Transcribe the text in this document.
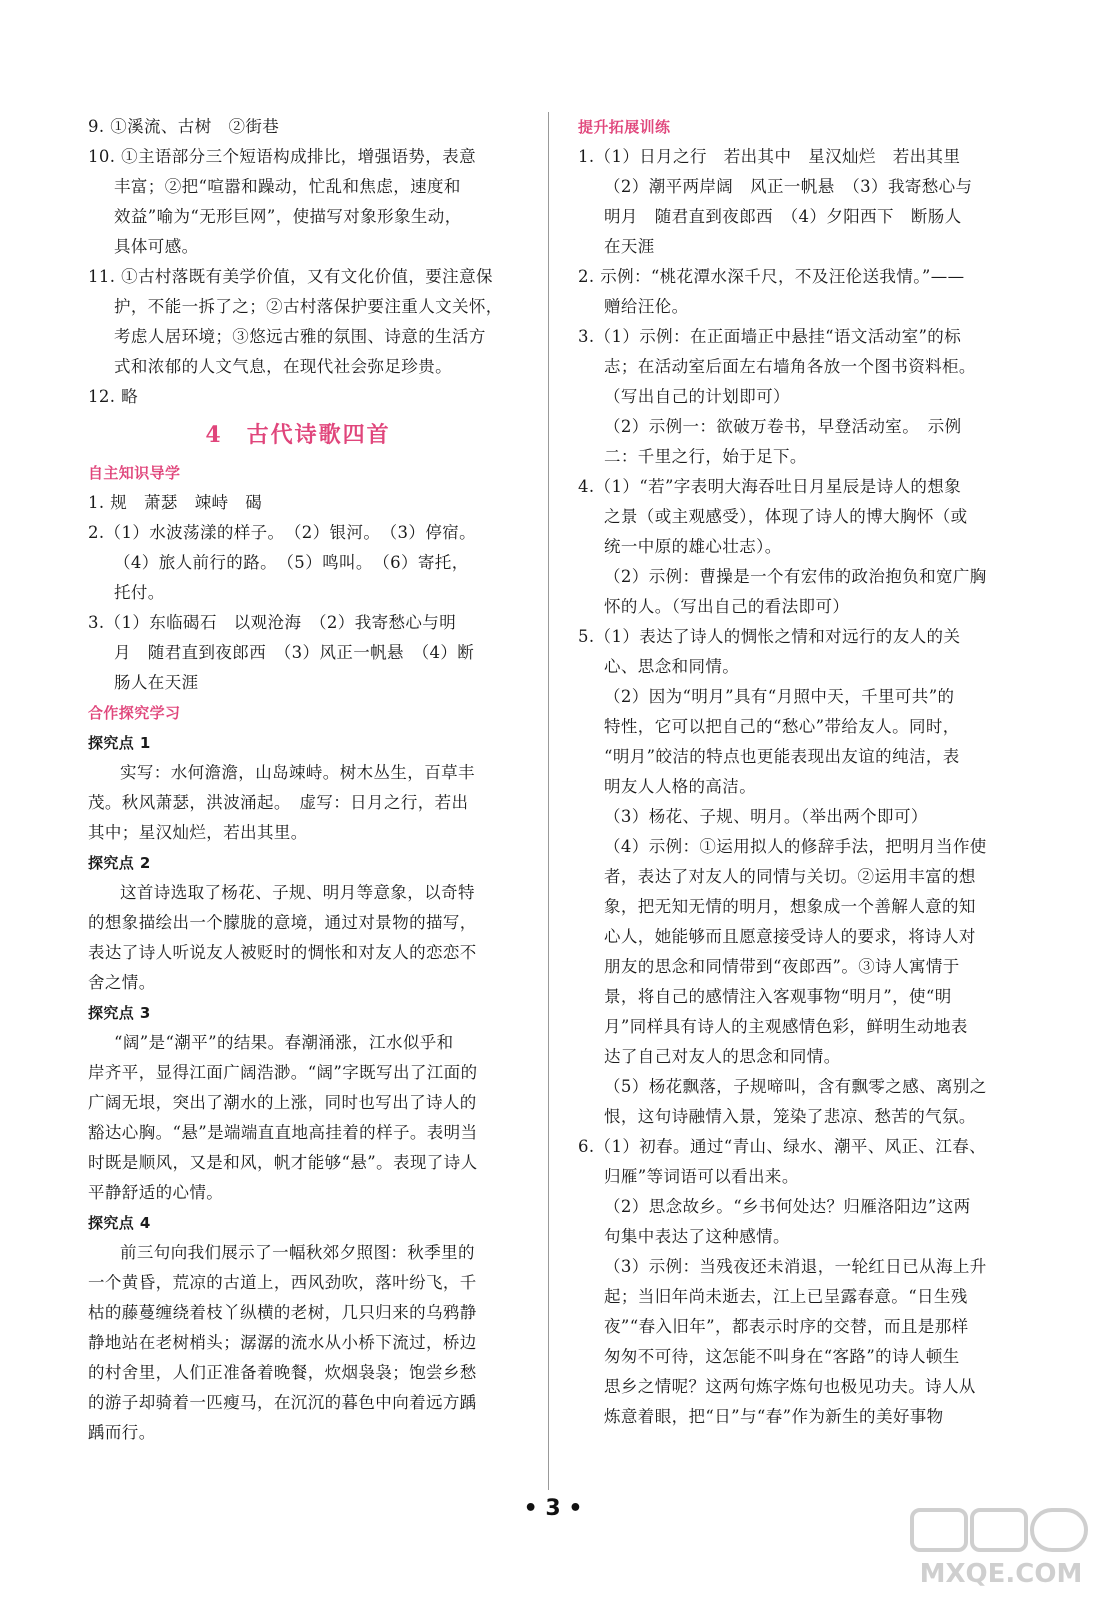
9. ①溪流、古树　②街巷
10. ①主语部分三个短语构成排比，增强语势，表意
丰富；②把“喧嚣和躁动，忙乱和焦虑，速度和
效益”喻为“无形巨网”，使描写对象形象生动，
具体可感。
11. ①古村落既有美学价值，又有文化价值，要注意保
护，不能一拆了之；②古村落保护要注重人文关怀，
考虑人居环境；③悠远古雅的氛围、诗意的生活方
式和浓郁的人文气息，在现代社会弥足珍贵。
12. 略
4　古代诗歌四首
自主知识导学
1. 规　萧瑟　竦峙　碣
2.（1）水波荡漾的样子。　（2）银河。　（3）停宿。
（4）旅人前行的路。　（5）鸣叫。　（6）寄托，
托付。
3.（1）东临碣石　以观沧海　（2）我寄愁心与明
月　随君直到夜郎西　（3）风正一帆悬　（4）断
肠人在天涯
合作探究学习
探究点 1
实写：水何澹澹，山岛竦峙。树木丛生，百草丰
茂。秋风萧瑟，洪波涌起。　虚写：日月之行，若出
其中；星汉灿烂，若出其里。
探究点 2
这首诗选取了杨花、子规、明月等意象，以奇特
的想象描绘出一个朦胧的意境，通过对景物的描写，
表达了诗人听说友人被贬时的惆怅和对友人的恋恋不
舍之情。
探究点 3
“阔”是“潮平”的结果。春潮涌涨，江水似乎和
岸齐平，显得江面广阔浩渺。“阔”字既写出了江面的
广阔无垠，突出了潮水的上涨，同时也写出了诗人的
豁达心胸。“悬”是端端直直地高挂着的样子。表明当
时既是顺风，又是和风，帆才能够“悬”。表现了诗人
平静舒适的心情。
探究点 4
前三句向我们展示了一幅秋郊夕照图：秋季里的
一个黄昏，荒凉的古道上，西风劲吹，落叶纷飞，千
枯的藤蔓缠绕着枝丫纵横的老树，几只归来的乌鸦静
静地站在老树梢头；潺潺的流水从小桥下流过，桥边
的村舍里，人们正准备着晚餐，炊烟袅袅；饱尝乡愁
的游子却骑着一匹瘦马，在沉沉的暮色中向着远方踽
踽而行。
提升拓展训练
1.（1）日月之行　若出其中　星汉灿烂　若出其里
（2）潮平两岸阔　风正一帆悬　（3）我寄愁心与
明月　随君直到夜郎西　（4）夕阳西下　断肠人
在天涯
2. 示例：“桃花潭水深千尺，不及汪伦送我情。”——
赠给汪伦。
3.（1）示例：在正面墙正中悬挂“语文活动室”的标
志；在活动室后面左右墙角各放一个图书资料柜。
（写出自己的计划即可）
（2）示例一：欲破万卷书，早登活动室。　示例
二：千里之行，始于足下。
4.（1）“若”字表明大海吞吐日月星辰是诗人的想象
之景（或主观感受），体现了诗人的博大胸怀（或
统一中原的雄心壮志）。
（2）示例：曹操是一个有宏伟的政治抱负和宽广胸
怀的人。（写出自己的看法即可）
5.（1）表达了诗人的惆怅之情和对远行的友人的关
心、思念和同情。
（2）因为“明月”具有“月照中天，千里可共”的
特性，它可以把自己的“愁心”带给友人。同时，
“明月”皎洁的特点也更能表现出友谊的纯洁，表
明友人人格的高洁。
（3）杨花、子规、明月。（举出两个即可）
（4）示例：①运用拟人的修辞手法，把明月当作使
者，表达了对友人的同情与关切。②运用丰富的想
象，把无知无情的明月，想象成一个善解人意的知
心人，她能够而且愿意接受诗人的要求，将诗人对
朋友的思念和同情带到“夜郎西”。③诗人寓情于
景，将自己的感情注入客观事物“明月”，使“明
月”同样具有诗人的主观感情色彩，鲜明生动地表
达了自己对友人的思念和同情。
（5）杨花飘落，子规啼叫，含有飘零之感、离别之
恨，这句诗融情入景，笼染了悲凉、愁苦的气氛。
6.（1）初春。通过“青山、绿水、潮平、风正、江春、
归雁”等词语可以看出来。
（2）思念故乡。“乡书何处达？归雁洛阳边”这两
句集中表达了这种感情。
（3）示例：当残夜还未消退，一轮红日已从海上升
起；当旧年尚未逝去，江上已呈露春意。“日生残
夜”“春入旧年”，都表示时序的交替，而且是那样
匆匆不可待，这怎能不叫身在“客路”的诗人顿生
思乡之情呢？这两句炼字炼句也极见功夫。诗人从
炼意着眼，把“日”与“春”作为新生的美好事物
• 3 •
MXQE.COM
